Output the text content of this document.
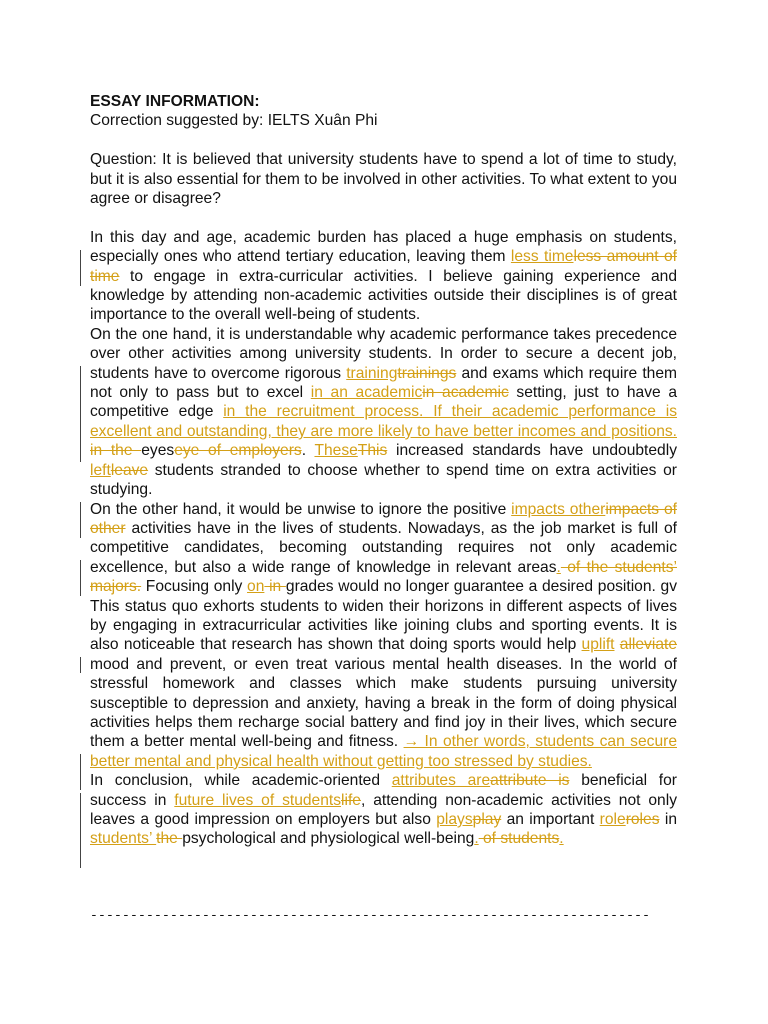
ESSAY INFORMATION:
Correction suggested by: IELTS Xuân Phi
Question: It is believed that university students have to spend a lot of time to study, but it is also essential for them to be involved in other activities. To what extent to you agree or disagree?
In this day and age, academic burden has placed a huge emphasis on students, especially ones who attend tertiary education, leaving them less timeless amount of time to engage in extra-curricular activities. I believe gaining experience and knowledge by attending non-academic activities outside their disciplines is of great importance to the overall well-being of students.
On the one hand, it is understandable why academic performance takes precedence over other activities among university students. In order to secure a decent job, students have to overcome rigorous trainingtrainings and exams which require them not only to pass but to excel in an academicin academic setting, just to have a competitive edge in the recruitment process. If their academic performance is excellent and outstanding, they are more likely to have better incomes and positions. in the eyeseye of employers. TheseThis increased standards have undoubtedly leftleave students stranded to choose whether to spend time on extra activities or studying.
On the other hand, it would be unwise to ignore the positive impacts otherimpacts of other activities have in the lives of students. Nowadays, as the job market is full of competitive candidates, becoming outstanding requires not only academic excellence, but also a wide range of knowledge in relevant areas. of the students’ majors. Focusing only on in grades would no longer guarantee a desired position. gv This status quo exhorts students to widen their horizons in different aspects of lives by engaging in extracurricular activities like joining clubs and sporting events. It is also noticeable that research has shown that doing sports would help uplift alleviate mood and prevent, or even treat various mental health diseases. In the world of stressful homework and classes which make students pursuing university susceptible to depression and anxiety, having a break in the form of doing physical activities helps them recharge social battery and find joy in their lives, which secure them a better mental well-being and fitness. → In other words, students can secure better mental and physical health without getting too stressed by studies.
In conclusion, while academic-oriented attributes areattribute is beneficial for success in future lives of studentslife, attending non-academic activities not only leaves a good impression on employers but also playsplay an important roleroles in students’ the psychological and physiological well-being. of students.
----------------------------------------------------------------------
